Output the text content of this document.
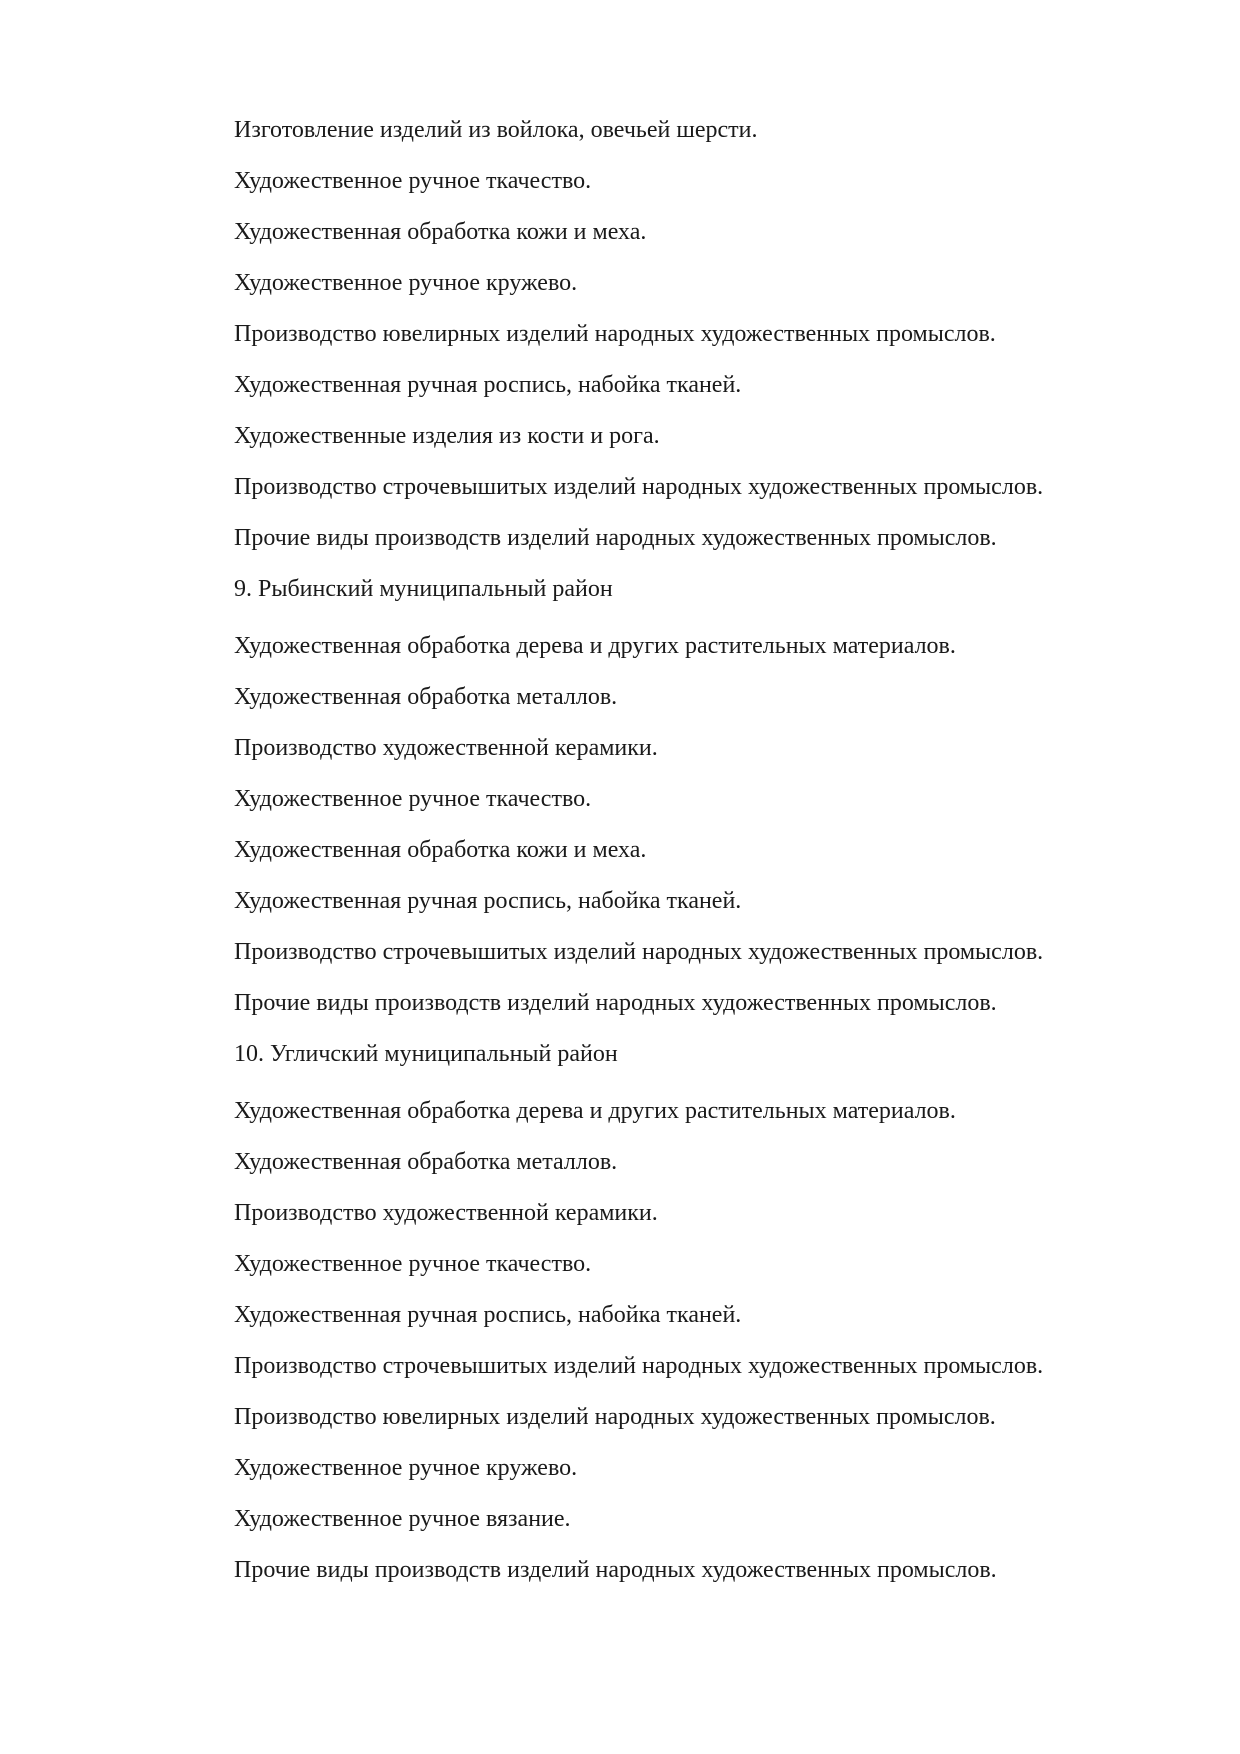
Изготовление изделий из войлока, овечьей шерсти.

Художественное ручное ткачество.

Художественная обработка кожи и меха.

Художественное ручное кружево.

Производство ювелирных изделий народных художественных промыслов.

Художественная ручная роспись, набойка тканей.

Художественные изделия из кости и рога.

Производство строчевышитых изделий народных художественных промыслов.

Прочие виды производств изделий народных художественных промыслов.

9. Рыбинский муниципальный район

Художественная обработка дерева и других растительных материалов.

Художественная обработка металлов.

Производство художественной керамики.

Художественное ручное ткачество.

Художественная обработка кожи и меха.

Художественная ручная роспись, набойка тканей.

Производство строчевышитых изделий народных художественных промыслов.

Прочие виды производств изделий народных художественных промыслов.

10. Угличский муниципальный район

Художественная обработка дерева и других растительных материалов.

Художественная обработка металлов.

Производство художественной керамики.

Художественное ручное ткачество.

Художественная ручная роспись, набойка тканей.

Производство строчевышитых изделий народных художественных промыслов.

Производство ювелирных изделий народных художественных промыслов.

Художественное ручное кружево.

Художественное ручное вязание.

Прочие виды производств изделий народных художественных промыслов.
